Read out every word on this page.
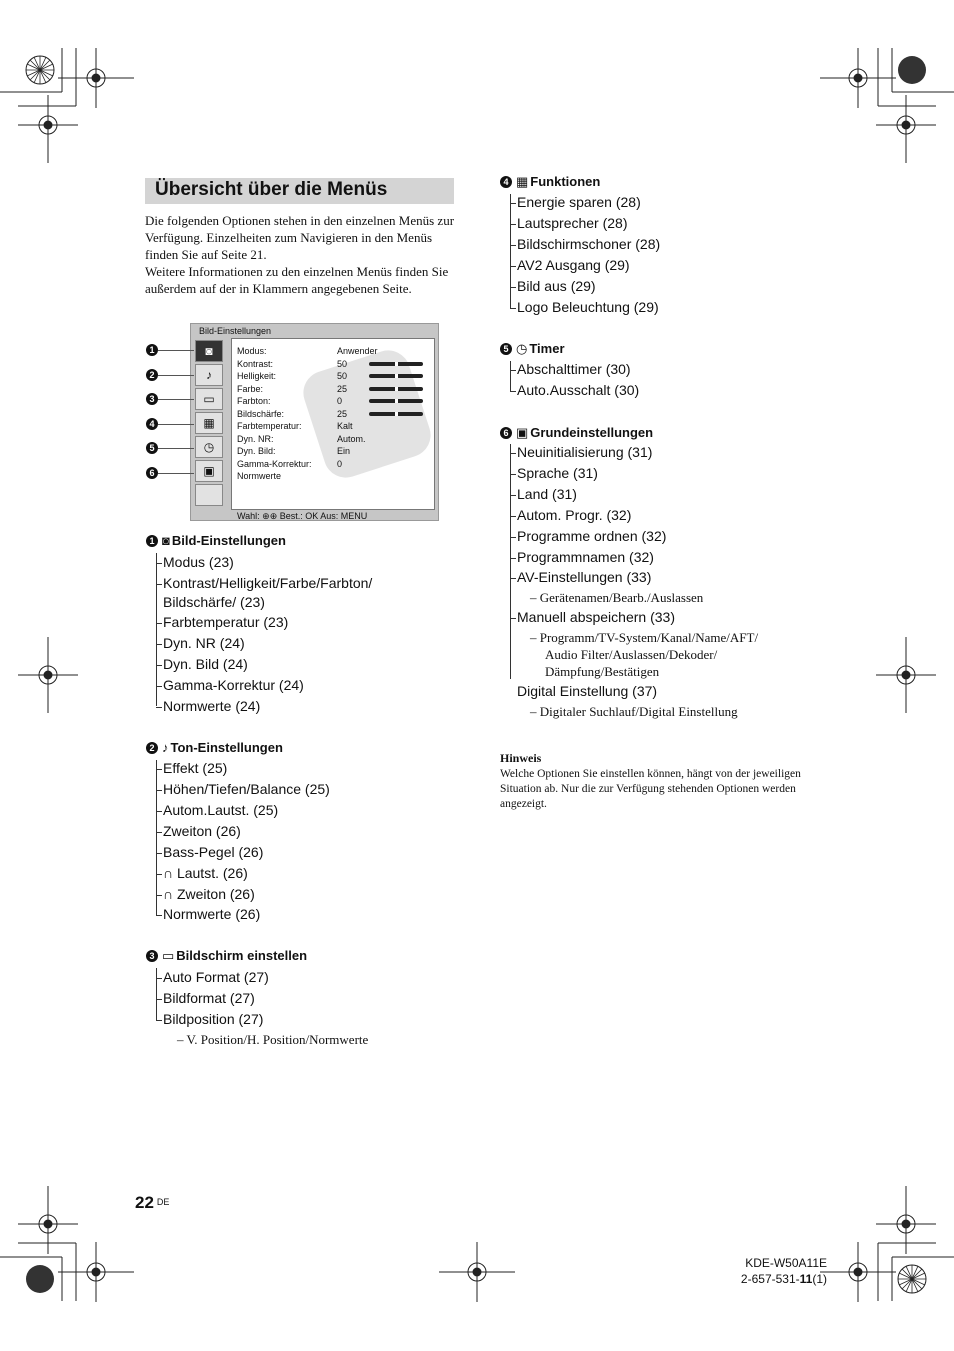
Übersicht über die Menüs

Die folgenden Optionen stehen in den einzelnen Menüs zur Verfügung. Einzelheiten zum Navigieren in den Menüs finden Sie auf Seite 21.

Weitere Informationen zu den einzelnen Menüs finden Sie außerdem auf der in Klammern angegebenen Seite.

Bild-Einstellungen
◙
♪
▭
▦
◷
▣
Modus:	Anwender
Kontrast:	50
Helligkeit:	50
Farbe:	25
Farbton:	0
Bildschärfe:	25
Farbtemperatur:	Kalt
Dyn. NR:	Autom.
Dyn. Bild:	Ein
Gamma-Korrektur:	0
Normwerte
Wahl: ⊕⊕ Best.: OK Aus: MENU
1
2
3
4
5
6
1 ◙ Bild-Einstellungen
Modus (23)
Kontrast/Helligkeit/Farbe/Farbton/
Bildschärfe/ (23)
Farbtemperatur (23)
Dyn. NR (24)
Dyn. Bild (24)
Gamma-Korrektur (24)
Normwerte (24)
2 ♪ Ton-Einstellungen
Effekt (25)
Höhen/Tiefen/Balance (25)
Autom.Lautst. (25)
Zweiton (26)
Bass-Pegel (26)
∩ Lautst. (26)
∩ Zweiton (26)
Normwerte (26)
3 ▭ Bildschirm einstellen
Auto Format (27)
Bildformat (27)
Bildposition (27)
– V. Position/H. Position/Normwerte
4 ▦ Funktionen
Energie sparen (28)
Lautsprecher (28)
Bildschirmschoner (28)
AV2 Ausgang (29)
Bild aus (29)
Logo Beleuchtung (29)
5 ◷ Timer
Abschalttimer (30)
Auto.Ausschalt (30)
6 ▣ Grundeinstellungen
Neuinitialisierung (31)
Sprache (31)
Land (31)
Autom. Progr. (32)
Programme ordnen (32)
Programmnamen (32)
AV-Einstellungen (33)
– Gerätenamen/Bearb./Auslassen
Manuell abspeichern (33)
– Programm/TV-System/Kanal/Name/AFT/
Audio Filter/Auslassen/Dekoder/
Dämpfung/Bestätigen
Digital Einstellung (37)
– Digitaler Suchlauf/Digital Einstellung
Hinweis
Welche Optionen Sie einstellen können, hängt von der jeweiligen Situation ab. Nur die zur Verfügung stehenden Optionen werden angezeigt.
22 DE
KDE-W50A11E
2-657-531-11(1)
